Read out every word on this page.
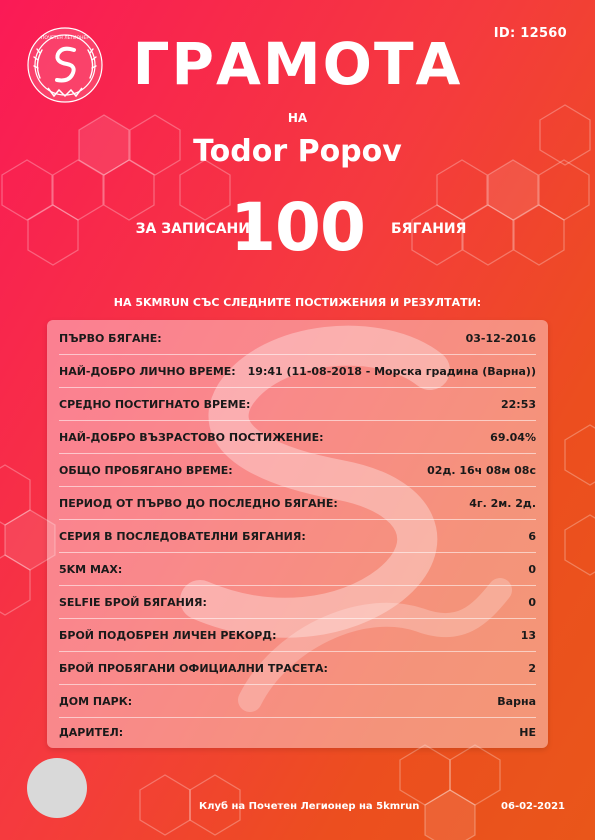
ПОЧЕТЕН ЛЕГИОНЕР	ID: 12560
ГРАМОТА
НА
Todor Popov
ЗА ЗАПИСАНИ
100	БЯГАНИЯ
НА 5KMRUN СЪС СЛЕДНИТЕ ПОСТИЖЕНИЯ И РЕЗУЛТАТИ:
ПЪРВО БЯГАНЕ:	03-12-2016
НАЙ-ДОБРО ЛИЧНО ВРЕМЕ: 19:41 (11-08-2018 - Морска градина (Варна))
СРЕДНО ПОСТИГНАТО ВРЕМЕ:	22:53
НАЙ-ДОБРО ВЪЗРАСТОВО ПОСТИЖЕНИЕ:	69.04%
ОБЩО ПРОБЯГАНО ВРЕМЕ:	02д. 16ч 08м 08с
ПЕРИОД ОТ ПЪРВО ДО ПОСЛЕДНО БЯГАНЕ:	4г. 2м. 2д.
СЕРИЯ В ПОСЛЕДОВАТЕЛНИ БЯГАНИЯ:	6
5KM MAX:	0
SELFIE БРОЙ БЯГАНИЯ:	0
БРОЙ ПОДОБРЕН ЛИЧЕН РЕКОРД:	13
БРОЙ ПРОБЯГАНИ ОФИЦИАЛНИ ТРАСЕТА:	2
ДОМ ПАРК:	Варна
ДАРИТЕЛ:	НЕ
Клуб на Почетен Легионер на 5kmrun	06-02-2021
